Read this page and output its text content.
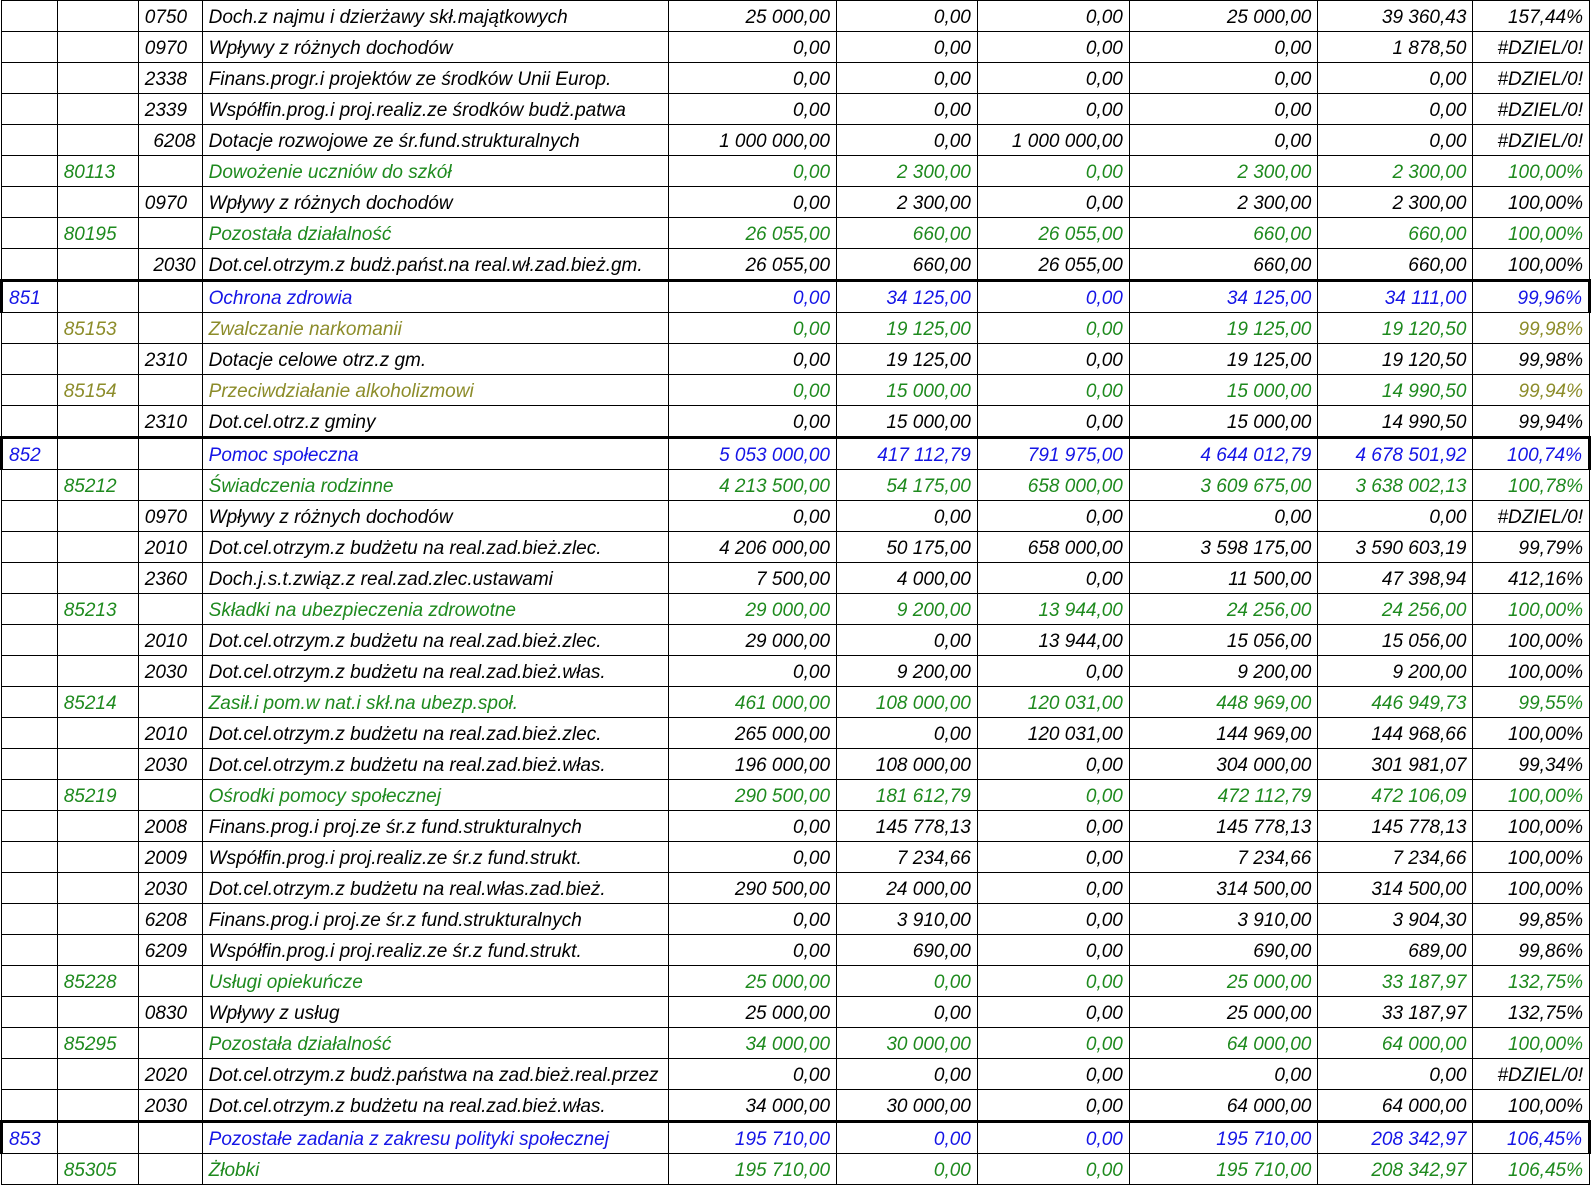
		0750	Doch.z najmu i dzierżawy skł.majątkowych	25 000,00	0,00	0,00	25 000,00	39 360,43	157,44%
		0970	Wpływy z różnych dochodów	0,00	0,00	0,00	0,00	1 878,50	#DZIEL/0!
		2338	Finans.progr.i projektów ze środków Unii Europ.	0,00	0,00	0,00	0,00	0,00	#DZIEL/0!
		2339	Współfin.prog.i proj.realiz.ze środków budż.patwa	0,00	0,00	0,00	0,00	0,00	#DZIEL/0!
		6208	Dotacje rozwojowe ze śr.fund.strukturalnych	1 000 000,00	0,00	1 000 000,00	0,00	0,00	#DZIEL/0!
	80113		Dowożenie uczniów do szkół	0,00	2 300,00	0,00	2 300,00	2 300,00	100,00%
		0970	Wpływy z różnych dochodów	0,00	2 300,00	0,00	2 300,00	2 300,00	100,00%
	80195		Pozostała działalność	26 055,00	660,00	26 055,00	660,00	660,00	100,00%
		2030	Dot.cel.otrzym.z budż.państ.na real.wł.zad.bież.gm.	26 055,00	660,00	26 055,00	660,00	660,00	100,00%
851			Ochrona zdrowia	0,00	34 125,00	0,00	34 125,00	34 111,00	99,96%
	85153		Zwalczanie narkomanii	0,00	19 125,00	0,00	19 125,00	19 120,50	99,98%
		2310	Dotacje celowe otrz.z gm.	0,00	19 125,00	0,00	19 125,00	19 120,50	99,98%
	85154		Przeciwdziałanie alkoholizmowi	0,00	15 000,00	0,00	15 000,00	14 990,50	99,94%
		2310	Dot.cel.otrz.z gminy	0,00	15 000,00	0,00	15 000,00	14 990,50	99,94%
852			Pomoc społeczna	5 053 000,00	417 112,79	791 975,00	4 644 012,79	4 678 501,92	100,74%
	85212		Świadczenia rodzinne	4 213 500,00	54 175,00	658 000,00	3 609 675,00	3 638 002,13	100,78%
		0970	Wpływy z różnych dochodów	0,00	0,00	0,00	0,00	0,00	#DZIEL/0!
		2010	Dot.cel.otrzym.z budżetu na real.zad.bież.zlec.	4 206 000,00	50 175,00	658 000,00	3 598 175,00	3 590 603,19	99,79%
		2360	Doch.j.s.t.związ.z real.zad.zlec.ustawami	7 500,00	4 000,00	0,00	11 500,00	47 398,94	412,16%
	85213		Składki na ubezpieczenia zdrowotne	29 000,00	9 200,00	13 944,00	24 256,00	24 256,00	100,00%
		2010	Dot.cel.otrzym.z budżetu na real.zad.bież.zlec.	29 000,00	0,00	13 944,00	15 056,00	15 056,00	100,00%
		2030	Dot.cel.otrzym.z budżetu na real.zad.bież.włas.	0,00	9 200,00	0,00	9 200,00	9 200,00	100,00%
	85214		Zasił.i pom.w nat.i skł.na ubezp.społ.	461 000,00	108 000,00	120 031,00	448 969,00	446 949,73	99,55%
		2010	Dot.cel.otrzym.z budżetu na real.zad.bież.zlec.	265 000,00	0,00	120 031,00	144 969,00	144 968,66	100,00%
		2030	Dot.cel.otrzym.z budżetu na real.zad.bież.włas.	196 000,00	108 000,00	0,00	304 000,00	301 981,07	99,34%
	85219		Ośrodki pomocy społecznej	290 500,00	181 612,79	0,00	472 112,79	472 106,09	100,00%
		2008	Finans.prog.i proj.ze śr.z fund.strukturalnych	0,00	145 778,13	0,00	145 778,13	145 778,13	100,00%
		2009	Współfin.prog.i proj.realiz.ze śr.z fund.strukt.	0,00	7 234,66	0,00	7 234,66	7 234,66	100,00%
		2030	Dot.cel.otrzym.z budżetu na real.włas.zad.bież.	290 500,00	24 000,00	0,00	314 500,00	314 500,00	100,00%
		6208	Finans.prog.i proj.ze śr.z fund.strukturalnych	0,00	3 910,00	0,00	3 910,00	3 904,30	99,85%
		6209	Współfin.prog.i proj.realiz.ze śr.z fund.strukt.	0,00	690,00	0,00	690,00	689,00	99,86%
	85228		Usługi opiekuńcze	25 000,00	0,00	0,00	25 000,00	33 187,97	132,75%
		0830	Wpływy z usług	25 000,00	0,00	0,00	25 000,00	33 187,97	132,75%
	85295		Pozostała działalność	34 000,00	30 000,00	0,00	64 000,00	64 000,00	100,00%
		2020	Dot.cel.otrzym.z budż.państwa na zad.bież.real.przez	0,00	0,00	0,00	0,00	0,00	#DZIEL/0!
		2030	Dot.cel.otrzym.z budżetu na real.zad.bież.włas.	34 000,00	30 000,00	0,00	64 000,00	64 000,00	100,00%
853			Pozostałe zadania z zakresu polityki społecznej	195 710,00	0,00	0,00	195 710,00	208 342,97	106,45%
	85305		Żłobki	195 710,00	0,00	0,00	195 710,00	208 342,97	106,45%
